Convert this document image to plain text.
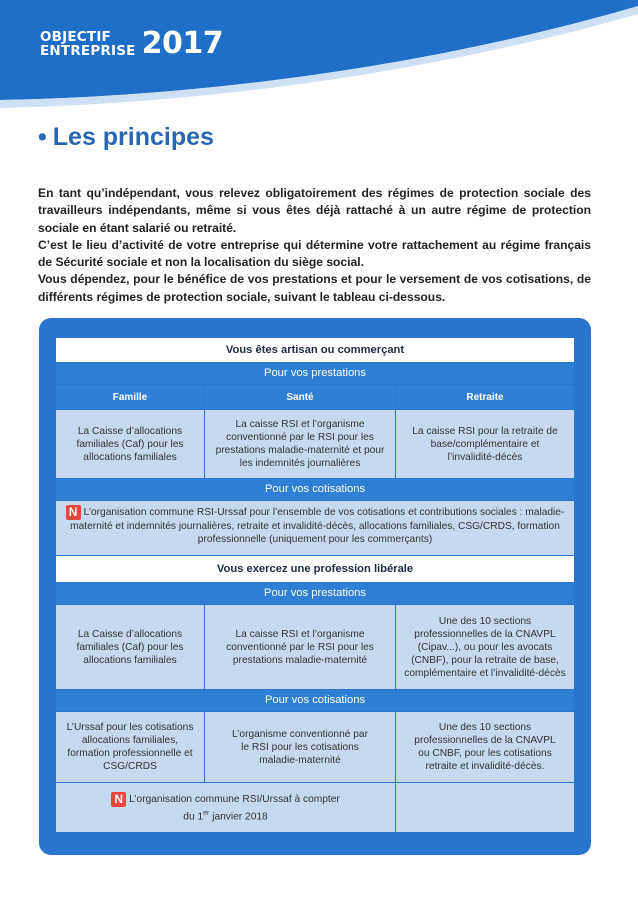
OBJECTIF
ENTREPRISE 2017
• Les principes

En tant qu’indépendant, vous relevez obligatoirement des régimes de protection sociale des travailleurs indépendants, même si vous êtes déjà rattaché à un autre régime de protection sociale en étant salarié ou retraité.

C’est le lieu d’activité de votre entreprise qui détermine votre rattachement au régime français de Sécurité sociale et non la localisation du siège social.

Vous dépendez, pour le bénéfice de vos prestations et pour le versement de vos cotisations, de différents régimes de protection sociale, suivant le tableau ci-dessous.

Vous êtes artisan ou commerçant
Pour vos prestations
Famille	Santé	Retraite
La Caisse d’allocations familiales (Caf) pour les allocations familiales
La caisse RSI et l’organisme conventionné par le RSI pour les prestations maladie-maternité et pour les indemnités journalières
La caisse RSI pour la retraite de base/complémentaire et l’invalidité-décès
Pour vos cotisations
N L’organisation commune RSI-Urssaf pour l’ensemble de vos cotisations et contributions sociales : maladie-maternité et indemnités journalières, retraite et invalidité-décès, allocations familiales, CSG/CRDS, formation professionnelle (uniquement pour les commerçants)
Vous exercez une profession libérale
Pour vos prestations
La Caisse d’allocations familiales (Caf) pour les allocations familiales
La caisse RSI et l’organisme conventionné par le RSI pour les prestations maladie-maternité
Une des 10 sections professionnelles de la CNAVPL (Cipav...), ou pour les avocats (CNBF), pour la retraite de base, complémentaire et l’invalidité-décès
Pour vos cotisations
L’Urssaf pour les cotisations allocations familiales, formation professionnelle et CSG/CRDS
L’organisme conventionné par le RSI pour les cotisations maladie-maternité
Une des 10 sections professionnelles de la CNAVPL ou CNBF, pour les cotisations retraite et invalidité-décès.
N L’organisation commune RSI/Urssaf à compter
du 1er janvier 2018
